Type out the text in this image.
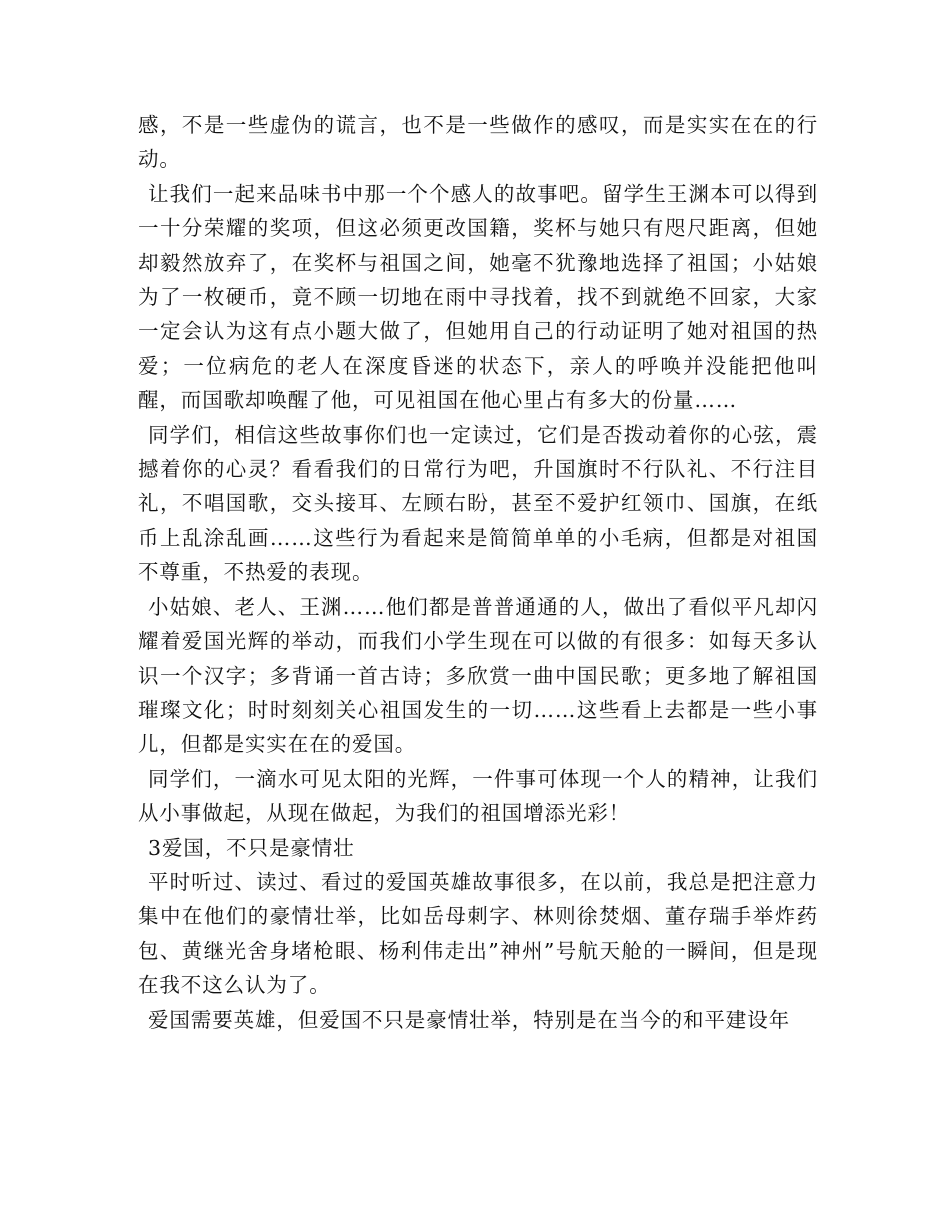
感，不是一些虚伪的谎言，也不是一些做作的感叹，而是实实在在的行动。

让我们一起来品味书中那一个个感人的故事吧。留学生王渊本可以得到一十分荣耀的奖项，但这必须更改国籍，奖杯与她只有咫尺距离，但她却毅然放弃了，在奖杯与祖国之间，她毫不犹豫地选择了祖国；小姑娘为了一枚硬币，竟不顾一切地在雨中寻找着，找不到就绝不回家，大家一定会认为这有点小题大做了，但她用自己的行动证明了她对祖国的热爱；一位病危的老人在深度昏迷的状态下，亲人的呼唤并没能把他叫醒，而国歌却唤醒了他，可见祖国在他心里占有多大的份量……

同学们，相信这些故事你们也一定读过，它们是否拨动着你的心弦，震撼着你的心灵？看看我们的日常行为吧，升国旗时不行队礼、不行注目礼，不唱国歌，交头接耳、左顾右盼，甚至不爱护红领巾、国旗，在纸币上乱涂乱画……这些行为看起来是简简单单的小毛病，但都是对祖国不尊重，不热爱的表现。

小姑娘、老人、王渊……他们都是普普通通的人，做出了看似平凡却闪耀着爱国光辉的举动，而我们小学生现在可以做的有很多：如每天多认识一个汉字；多背诵一首古诗；多欣赏一曲中国民歌；更多地了解祖国璀璨文化；时时刻刻关心祖国发生的一切……这些看上去都是一些小事儿，但都是实实在在的爱国。

同学们，一滴水可见太阳的光辉，一件事可体现一个人的精神，让我们从小事做起，从现在做起，为我们的祖国增添光彩！

3爱国，不只是豪情壮

平时听过、读过、看过的爱国英雄故事很多，在以前，我总是把注意力集中在他们的豪情壮举，比如岳母刺字、林则徐焚烟、董存瑞手举炸药包、黄继光舍身堵枪眼、杨利伟走出”神州”号航天舱的一瞬间，但是现在我不这么认为了。

爱国需要英雄，但爱国不只是豪情壮举，特别是在当今的和平建设年
